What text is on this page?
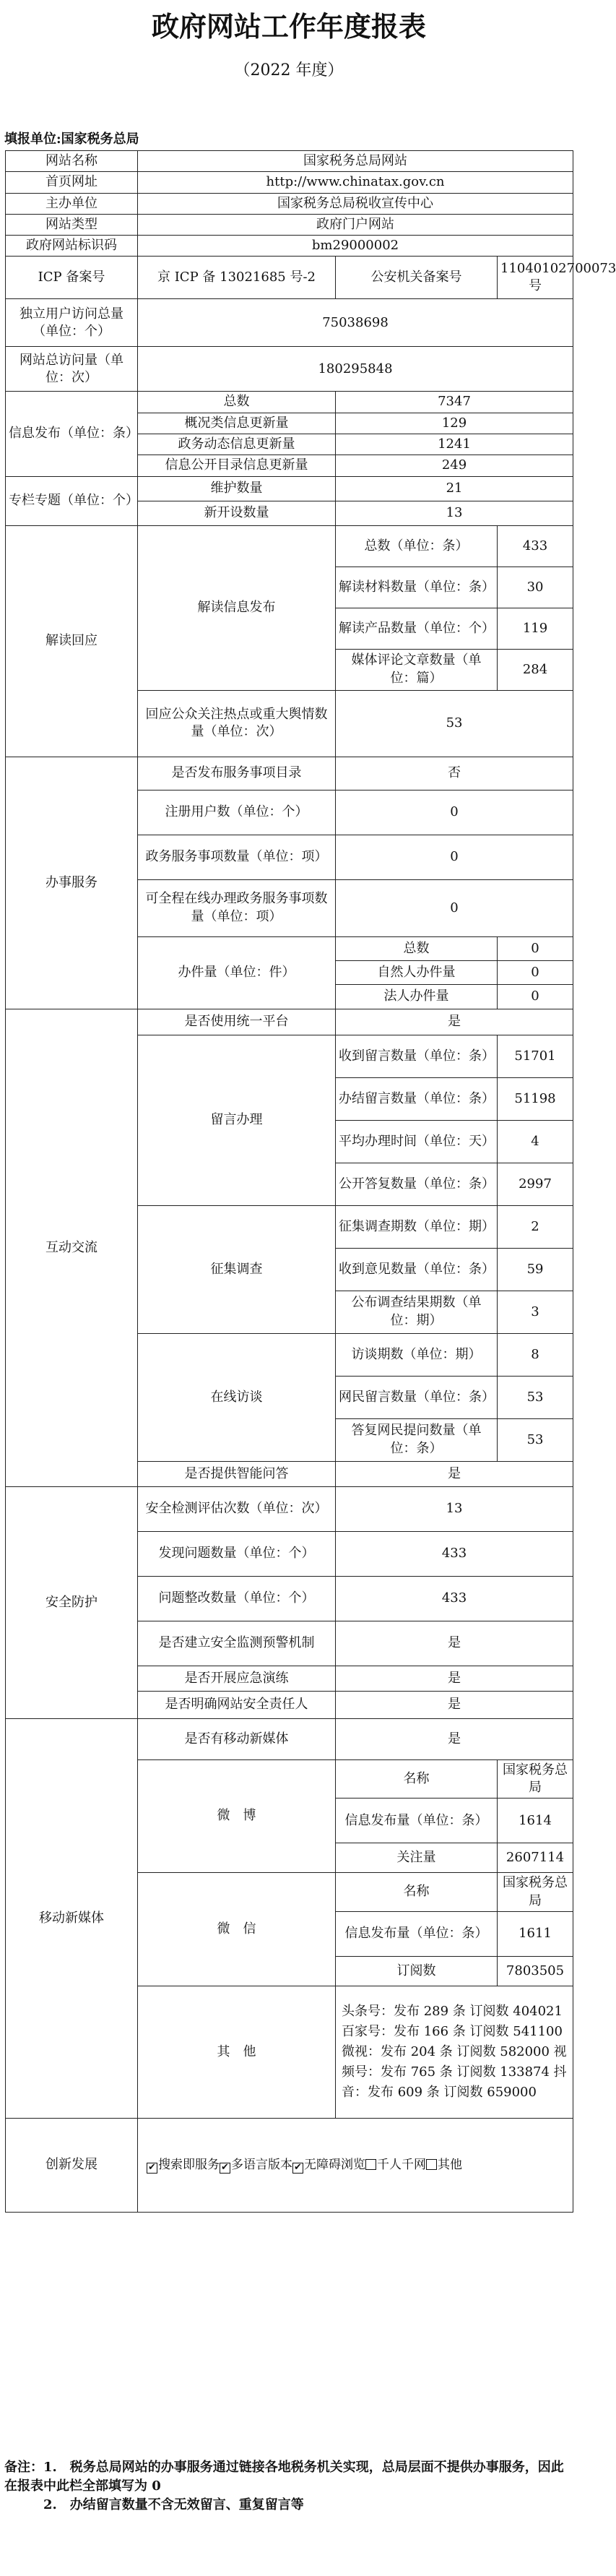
政府网站工作年度报表
（2022 年度）
填报单位:国家税务总局
网站名称	国家税务总局网站		
首页网址	http://www.chinatax.gov.cn		
主办单位	国家税务总局税收宣传中心		
网站类型	政府门户网站		
政府网站标识码	bm29000002		
ICP 备案号	京 ICP 备 13021685 号-2	公安机关备案号	11040102700073 号
独立用户访问总量（单位：个）	75038698		
网站总访问量（单位：次）	180295848		
信息发布（单位：条）	总数	7347	
	概况类信息更新量	129	
	政务动态信息更新量	1241	
	信息公开目录信息更新量	249	
专栏专题（单位：个）	维护数量	21	
	新开设数量	13	
解读回应	解读信息发布	总数（单位：条）	433
		解读材料数量（单位：条）	30
		解读产品数量（单位：个）	119
		媒体评论文章数量（单位：篇）	284
	回应公众关注热点或重大舆情数量（单位：次）	53	
办事服务	是否发布服务事项目录	否	
	注册用户数（单位：个）	0	
	政务服务事项数量（单位：项）	0	
	可全程在线办理政务服务事项数量（单位：项）	0	
	办件量（单位：件）	总数	0
		自然人办件量	0
		法人办件量	0
互动交流	是否使用统一平台	是	
	留言办理	收到留言数量（单位：条）	51701
		办结留言数量（单位：条）	51198
		平均办理时间（单位：天）	4
		公开答复数量（单位：条）	2997
	征集调查	征集调查期数（单位：期）	2
		收到意见数量（单位：条）	59
		公布调查结果期数（单位：期）	3
	在线访谈	访谈期数（单位：期）	8
		网民留言数量（单位：条）	53
		答复网民提问数量（单位：条）	53
	是否提供智能问答	是	
安全防护	安全检测评估次数（单位：次）	13	
	发现问题数量（单位：个）	433	
	问题整改数量（单位：个）	433	
	是否建立安全监测预警机制	是	
	是否开展应急演练	是	
	是否明确网站安全责任人	是	
移动新媒体	是否有移动新媒体	是	
	微　博	名称	国家税务总局
		信息发布量（单位：条）	1614
		关注量	2607114
	微　信	名称	国家税务总局
		信息发布量（单位：条）	1611
		订阅数	7803505
	其　他	头条号：发布 289 条 订阅数 404021 百家号：发布 166 条 订阅数 541100 微视：发布 204 条 订阅数 582000 视频号：发布 765 条 订阅数 133874 抖音：发布 609 条 订阅数 659000	
创新发展	✔ 搜索即服务 ✔ 多语言版本 ✔ 无障碍浏览 千人千网 其他		
备注：1.　税务总局网站的办事服务通过链接各地税务机关实现，总局层面不提供办事服务，因此在报表中此栏全部填写为 0
　　　2.　办结留言数量不含无效留言、重复留言等
